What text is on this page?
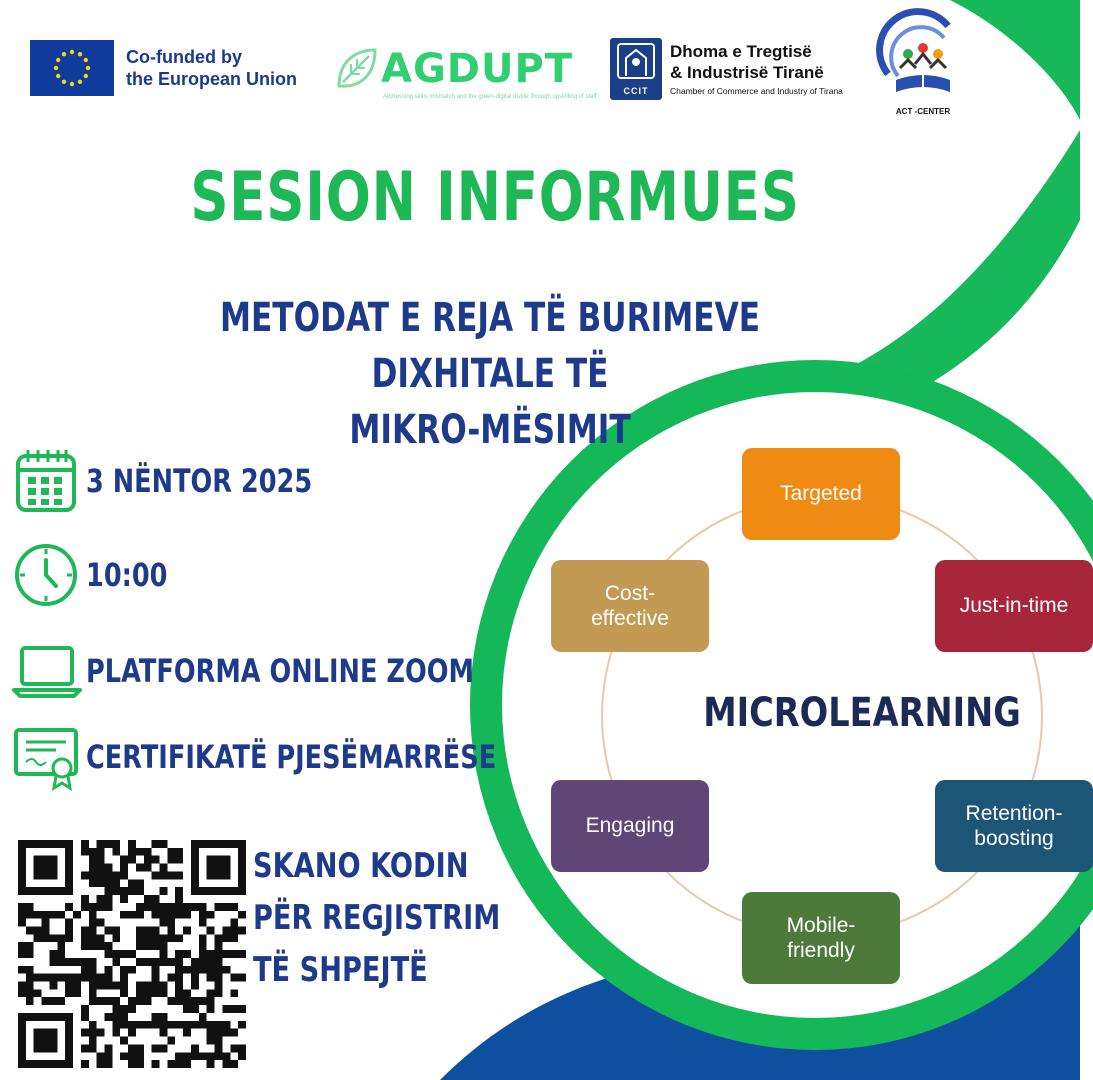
Co-funded by
the European Union AGDUPT
Addressing skills mismatch and the green-digital divide through upskilling of staff
CCIT
Dhoma e Tregtisë
& Industrisë Tiranë
Chamber of Commerce and Industry of Tirana
ACT -CENTER
SESION INFORMUES
METODAT E REJA TË BURIMEVE DIXHITALE TË
MIKRO-MËSIMIT
3 NËNTOR 2025
10:00
PLATFORMA ONLINE ZOOM
CERTIFIKATË PJESËMARRËSE
SKANO KODIN
PËR REGJISTRIM
TË SHPEJTË
Targeted
Just-in-time
Retention-
boosting
Mobile-
friendly
Engaging
Cost-
effective
MICROLEARNING
